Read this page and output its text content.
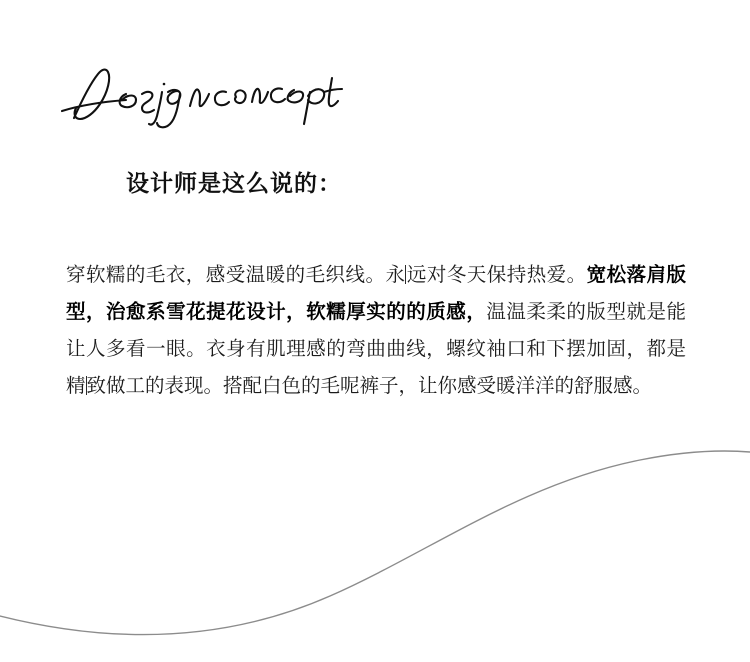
设计师是这么说的：

穿软糯的毛衣，感受温暖的毛织线。永远对冬天保持热爱。宽松落肩版型，治愈系雪花提花设计，软糯厚实的的质感，温温柔柔的版型就是能让人多看一眼。衣身有肌理感的弯曲曲线，螺纹袖口和下摆加固，都是精致做工的表现。搭配白色的毛呢裤子，让你感受暖洋洋的舒服感。
